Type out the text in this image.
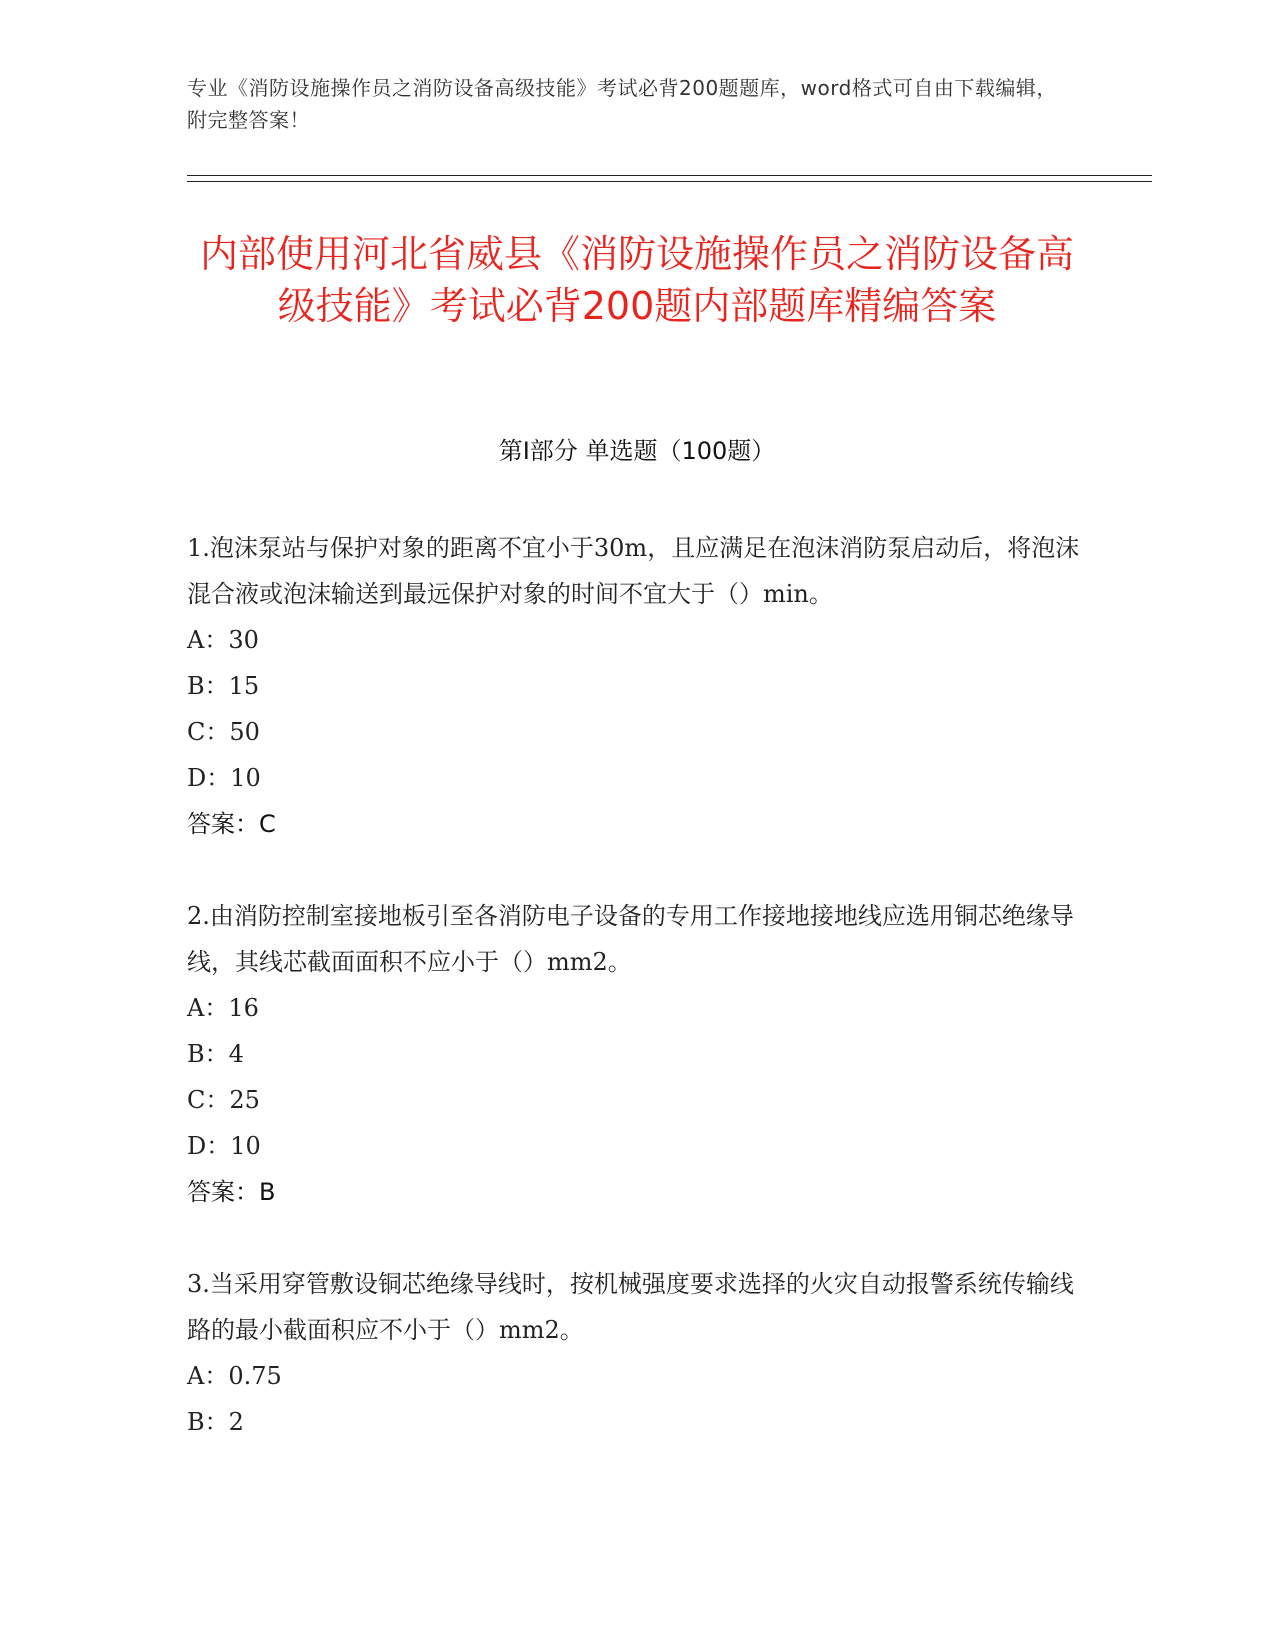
专业《消防设施操作员之消防设备高级技能》考试必背200题题库，word格式可自由下载编辑，附完整答案！
内部使用河北省威县《消防设施操作员之消防设备高级技能》考试必背200题内部题库精编答案
第Ⅰ部分 单选题（100题）

1.泡沫泵站与保护对象的距离不宜小于30m，且应满足在泡沫消防泵启动后，将泡沫混合液或泡沫输送到最远保护对象的时间不宜大于（）min。

A：30

B：15

C：50

D：10

答案：C

2.由消防控制室接地板引至各消防电子设备的专用工作接地接地线应选用铜芯绝缘导线，其线芯截面面积不应小于（）mm2。

A：16

B：4

C：25

D：10

答案：B

3.当采用穿管敷设铜芯绝缘导线时，按机械强度要求选择的火灾自动报警系统传输线路的最小截面积应不小于（）mm2。

A：0.75

B：2
